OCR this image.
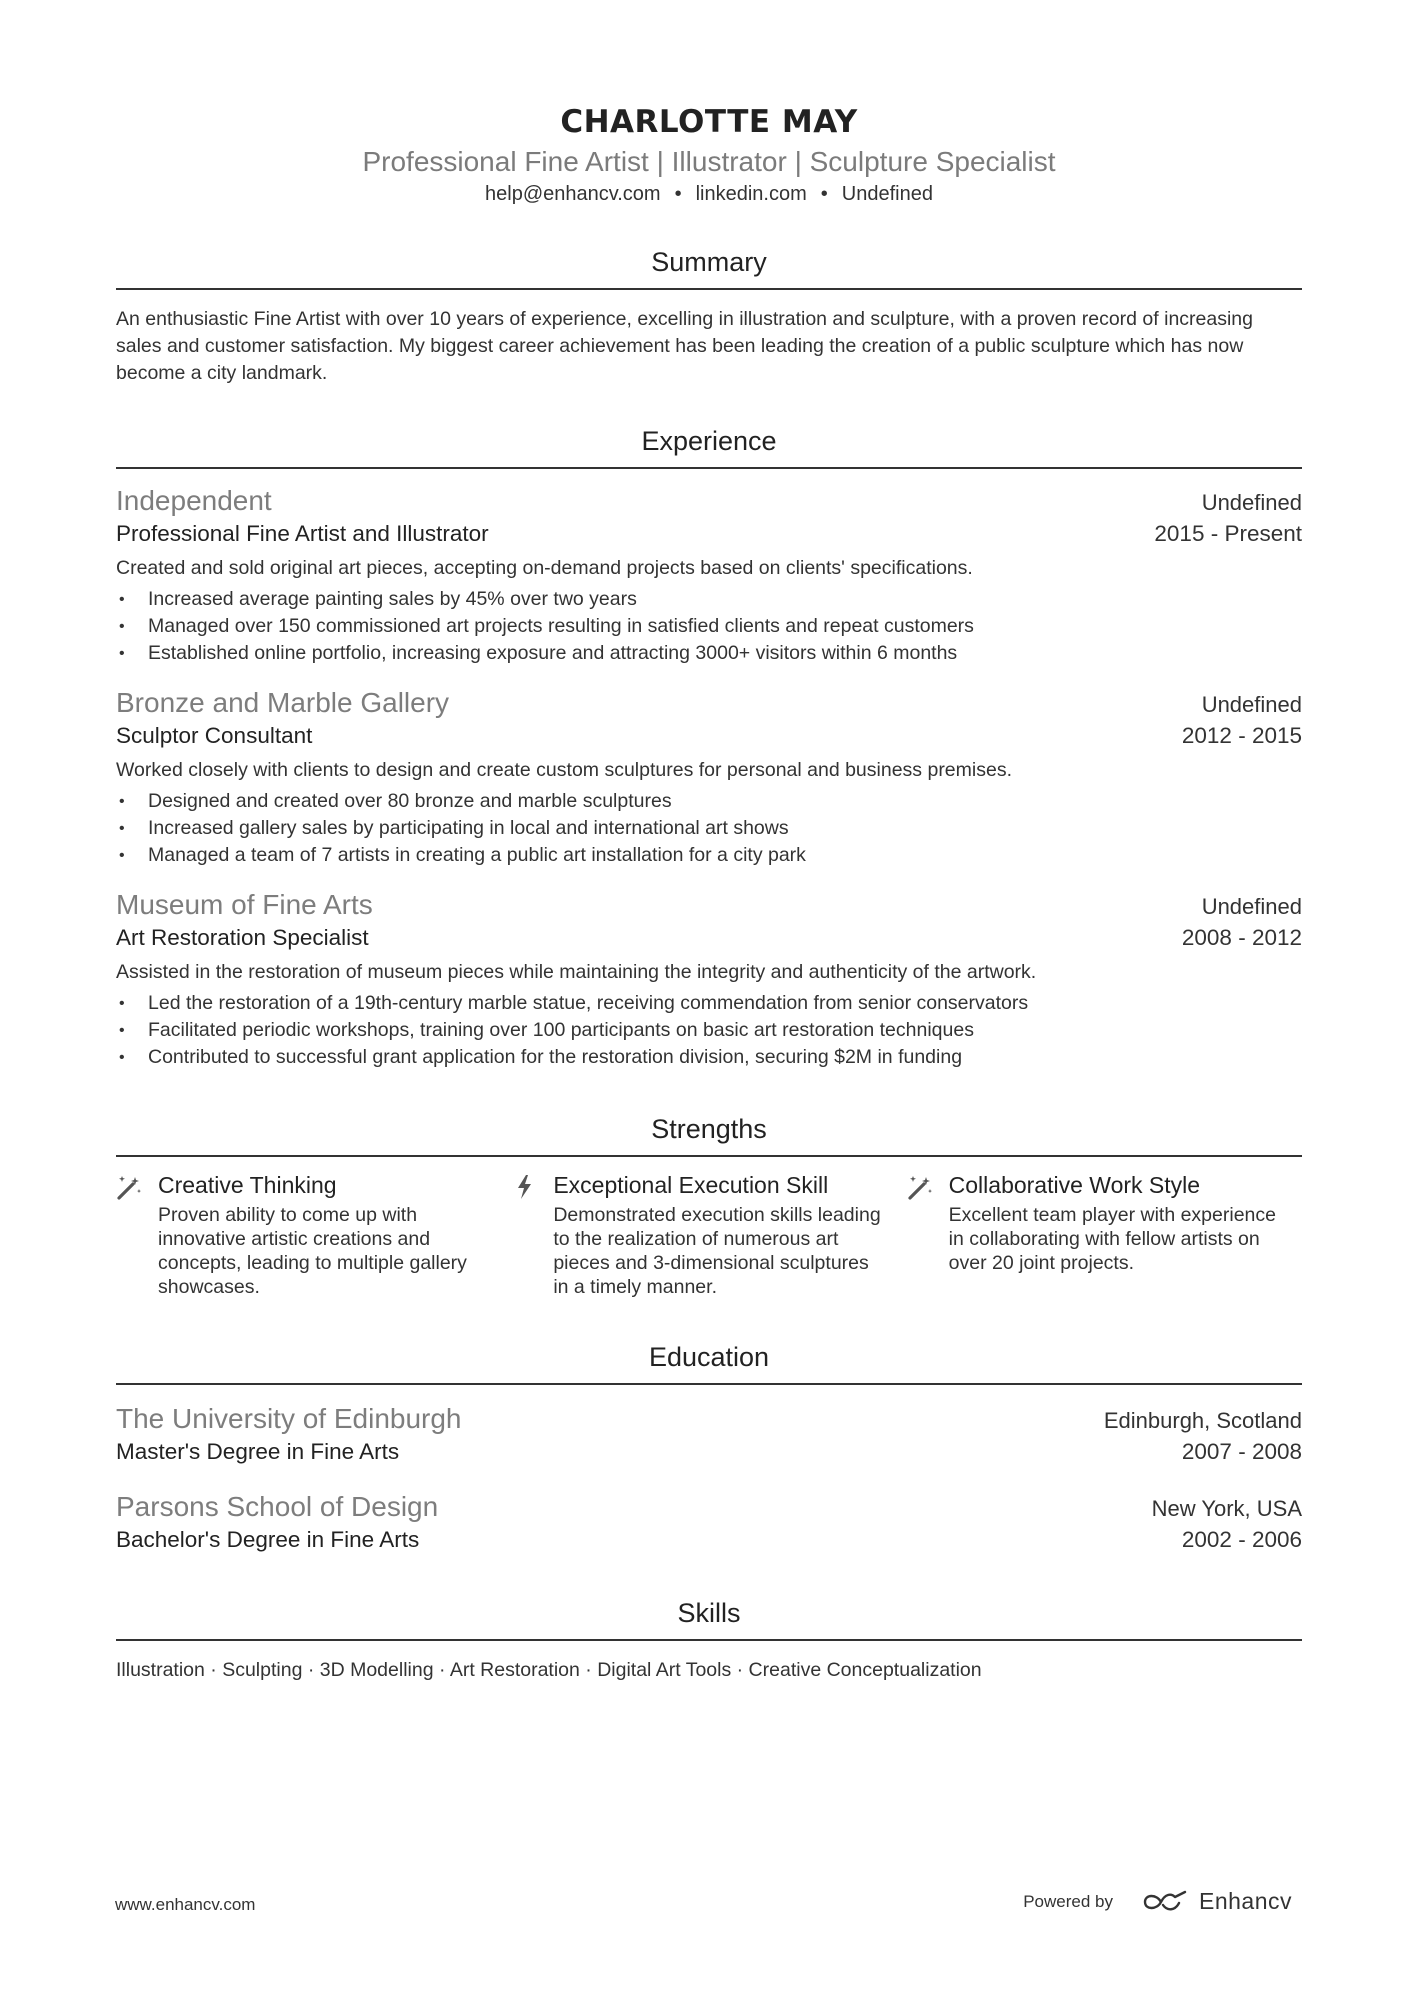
CHARLOTTE MAY
Professional Fine Artist | Illustrator | Sculpture Specialist
help@enhancv.com • linkedin.com • Undefined
Summary
An enthusiastic Fine Artist with over 10 years of experience, excelling in illustration and sculpture, with a proven record of increasing sales and customer satisfaction. My biggest career achievement has been leading the creation of a public sculpture which has now become a city landmark.
Experience
Independent	Undefined
Professional Fine Artist and Illustrator	2015 - Present
Created and sold original art pieces, accepting on-demand projects based on clients' specifications.
• Increased average painting sales by 45% over two years
• Managed over 150 commissioned art projects resulting in satisfied clients and repeat customers
• Established online portfolio, increasing exposure and attracting 3000+ visitors within 6 months
Bronze and Marble Gallery	Undefined
Sculptor Consultant	2012 - 2015
Worked closely with clients to design and create custom sculptures for personal and business premises.
• Designed and created over 80 bronze and marble sculptures
• Increased gallery sales by participating in local and international art shows
• Managed a team of 7 artists in creating a public art installation for a city park
Museum of Fine Arts	Undefined
Art Restoration Specialist	2008 - 2012
Assisted in the restoration of museum pieces while maintaining the integrity and authenticity of the artwork.
• Led the restoration of a 19th-century marble statue, receiving commendation from senior conservators
• Facilitated periodic workshops, training over 100 participants on basic art restoration techniques
• Contributed to successful grant application for the restoration division, securing $2M in funding
Strengths
Creative Thinking
Proven ability to come up with innovative artistic creations and concepts, leading to multiple gallery showcases.
Exceptional Execution Skill
Demonstrated execution skills leading to the realization of numerous art pieces and 3-dimensional sculptures in a timely manner.
Collaborative Work Style
Excellent team player with experience in collaborating with fellow artists on over 20 joint projects.
Education
The University of Edinburgh	Edinburgh, Scotland
Master's Degree in Fine Arts	2007 - 2008
Parsons School of Design	New York, USA
Bachelor's Degree in Fine Arts	2002 - 2006
Skills
Illustration · Sculpting · 3D Modelling · Art Restoration · Digital Art Tools · Creative Conceptualization
www.enhancv.com	Powered by	Enhancv
